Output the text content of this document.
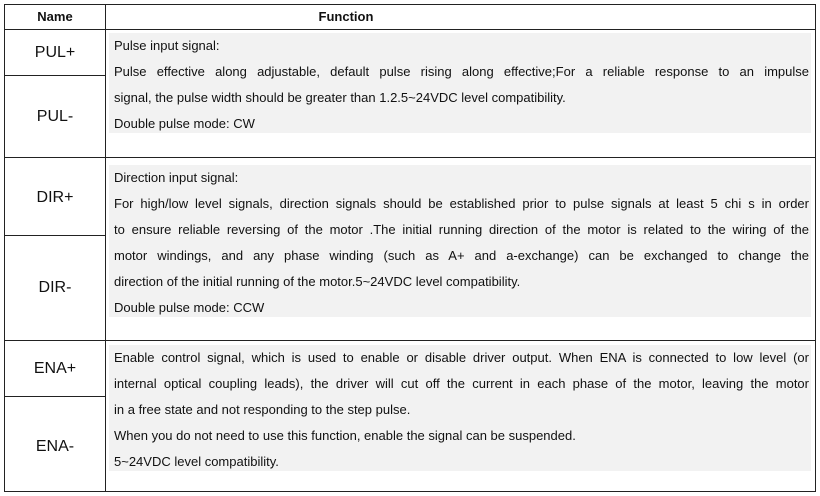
Name	Function
PUL+
PUL-
Pulse input signal:
Pulse effective along adjustable, default pulse rising along effective;For a reliable response to an impulse
signal, the pulse width should be greater than 1.2.5~24VDC level compatibility.
Double pulse mode: CW
DIR+
DIR-
Direction input signal:
For high/low level signals, direction signals should be established prior to pulse signals at least 5 chi s in order
to ensure reliable reversing of the motor .The initial running direction of the motor is related to the wiring of the
motor windings, and any phase winding (such as A+ and a-exchange) can be exchanged to change the
direction of the initial running of the motor.5~24VDC level compatibility.
Double pulse mode: CCW
ENA+
ENA-
Enable control signal, which is used to enable or disable driver output. When ENA is connected to low level (or
internal optical coupling leads), the driver will cut off the current in each phase of the motor, leaving the motor
in a free state and not responding to the step pulse.
When you do not need to use this function, enable the signal can be suspended.
5~24VDC level compatibility.
